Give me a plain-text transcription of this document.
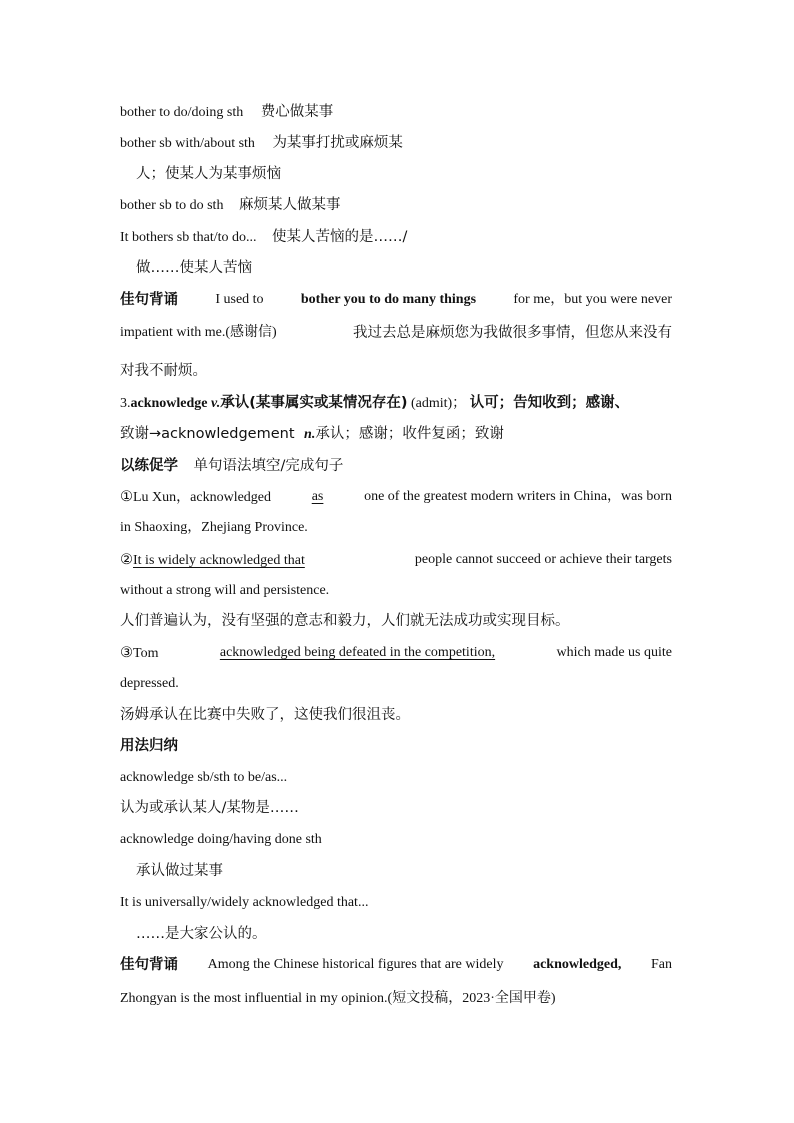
bother to do/doing sth 费心做某事
bother sb with/about sth 为某事打扰或麻烦某
人；使某人为某事烦恼
bother sb to do sth 麻烦某人做某事
It bothers sb that/to do... 使某人苦恼的是……/
做……使某人苦恼
佳句背诵	I used to	bother you to do many things	for me，but you were never
impatient with me.(感谢信)	我过去总是麻烦您为我做很多事情，但您从来没有
对我不耐烦。
3.acknowledge v.承认(某事属实或某情况存在) (admit)； 认可；告知收到；感谢、
致谢→acknowledgement n.承认；感谢；收件复函；致谢
以练促学 单句语法填空/完成句子
①Lu Xun，acknowledged	as	one of the greatest modern writers in China，was born
in Shaoxing，Zhejiang Province.
②It is widely acknowledged that	people cannot succeed or achieve their targets
without a strong will and persistence.
人们普遍认为，没有坚强的意志和毅力，人们就无法成功或实现目标。
③Tom	acknowledged being defeated in the competition,	which made us quite
depressed.
汤姆承认在比赛中失败了，这使我们很沮丧。
用法归纳
acknowledge sb/sth to be/as...
认为或承认某人/某物是……
acknowledge doing/having done sth
承认做过某事
It is universally/widely acknowledged that...
……是大家公认的。
佳句背诵 Among the Chinese historical figures that are widely acknowledged, Fan
Zhongyan is the most influential in my opinion.(短文投稿，2023·全国甲卷)
